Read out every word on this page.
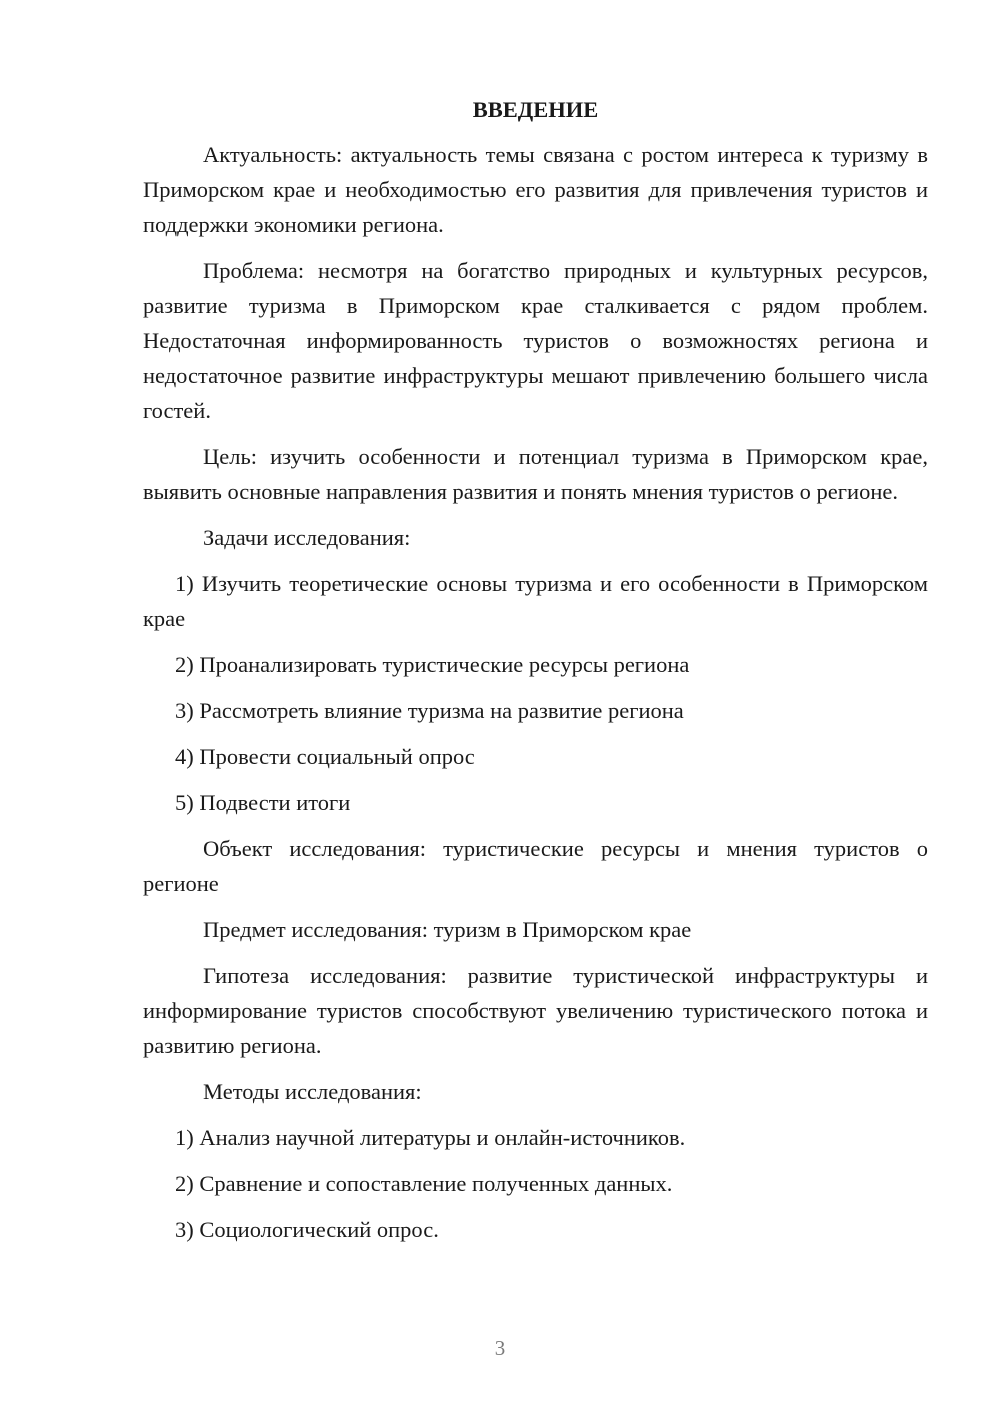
ВВЕДЕНИЕ

Актуальность: актуальность темы связана с ростом интереса к туризму в Приморском крае и необходимостью его развития для привлечения туристов и поддержки экономики региона.

Проблема: несмотря на богатство природных и культурных ресурсов, развитие туризма в Приморском крае сталкивается с рядом проблем. Недостаточная информированность туристов о возможностях региона и недостаточное развитие инфраструктуры мешают привлечению большего числа гостей.

Цель: изучить особенности и потенциал туризма в Приморском крае, выявить основные направления развития и понять мнения туристов о регионе.

Задачи исследования:

1) Изучить теоретические основы туризма и его особенности в Приморском крае

2) Проанализировать туристические ресурсы региона

3) Рассмотреть влияние туризма на развитие региона

4) Провести социальный опрос

5) Подвести итоги

Объект исследования: туристические ресурсы и мнения туристов о регионе

Предмет исследования: туризм в Приморском крае

Гипотеза исследования: развитие туристической инфраструктуры и информирование туристов способствуют увеличению туристического потока и развитию региона.

Методы исследования:

1) Анализ научной литературы и онлайн-источников.

2) Сравнение и сопоставление полученных данных.

3) Социологический опрос.

3
